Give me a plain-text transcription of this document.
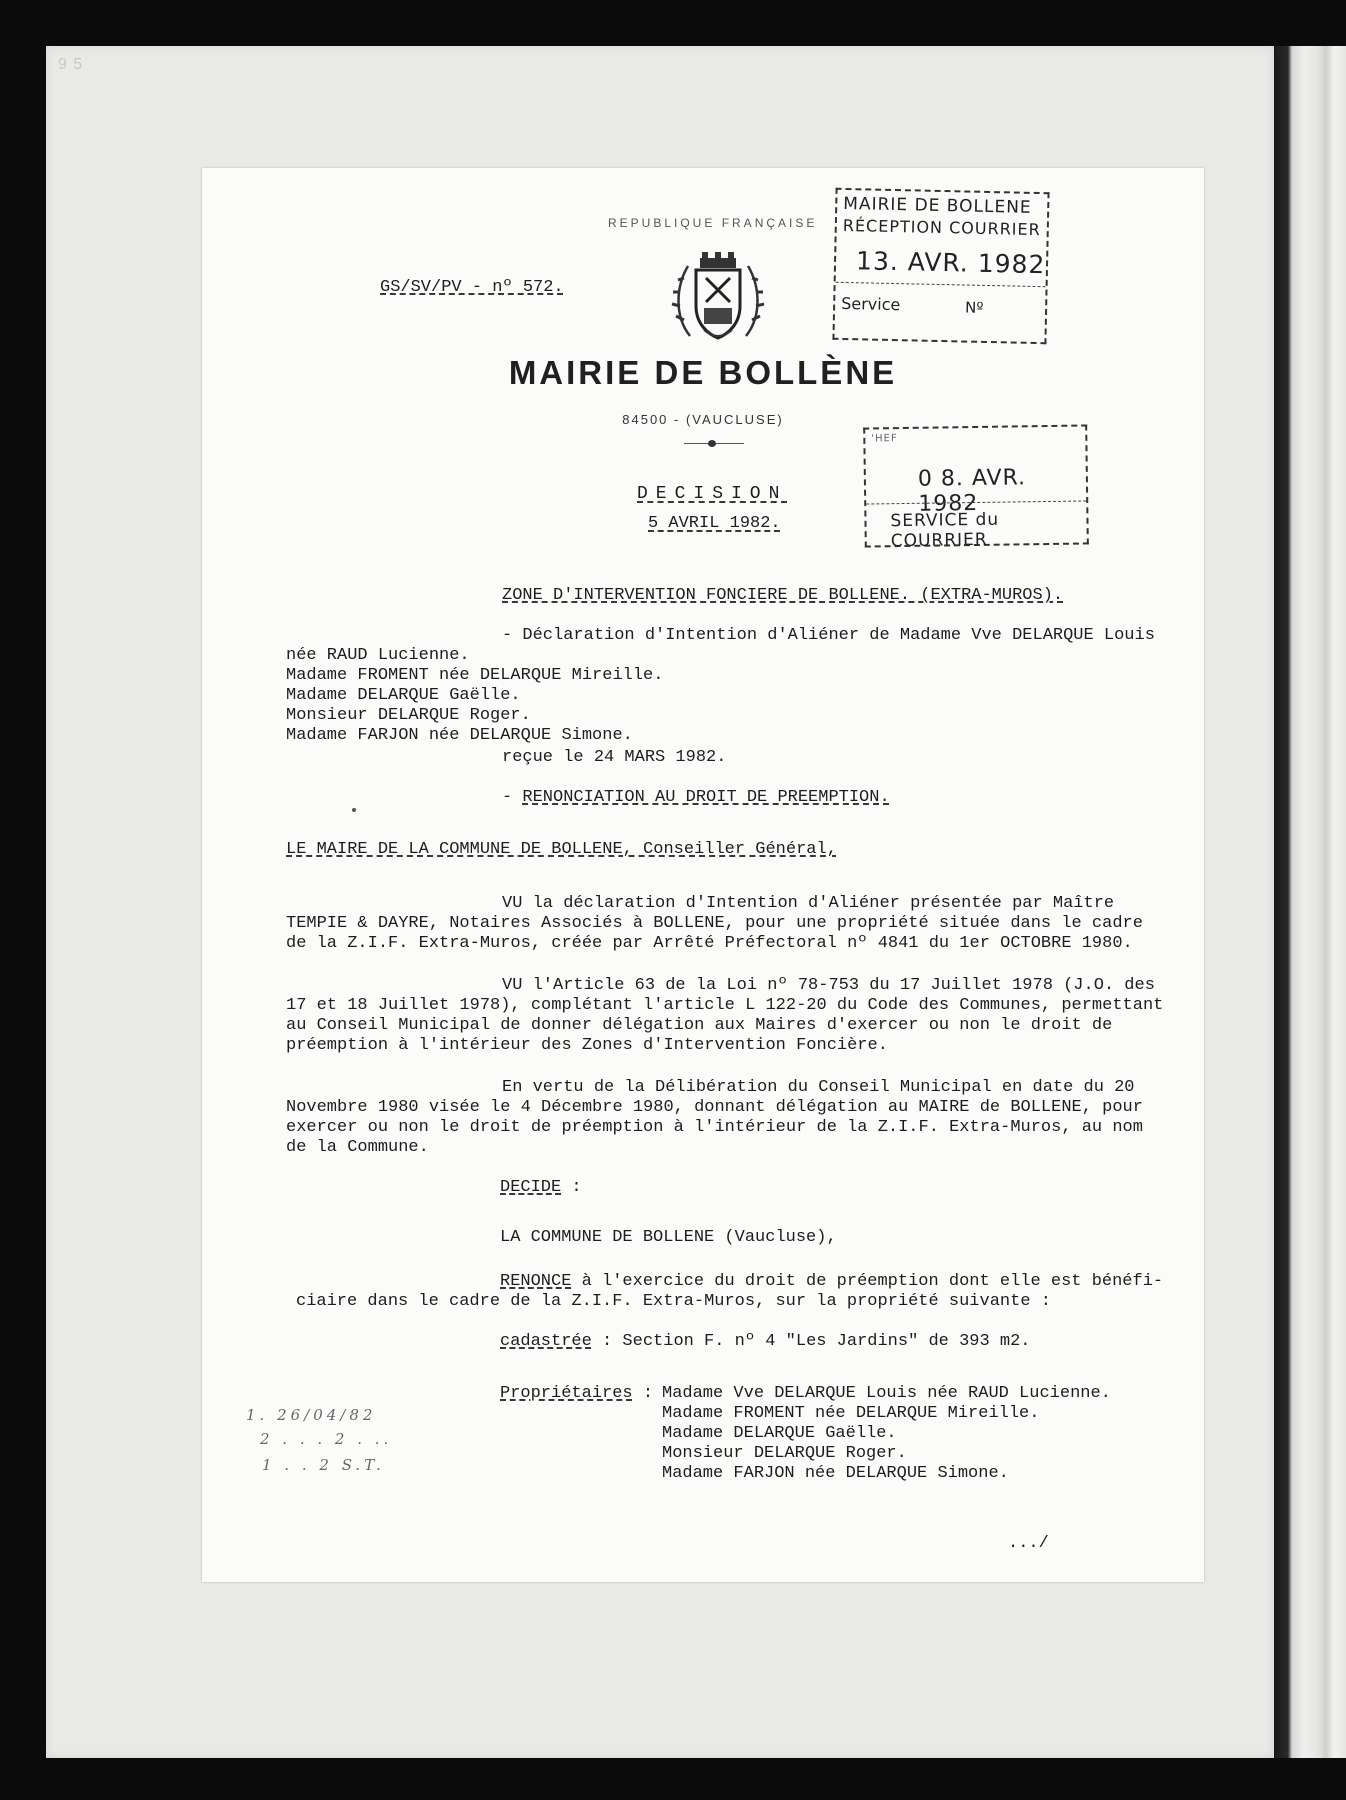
9 5
GS/SV/PV - nº 572.
REPUBLIQUE FRANÇAISE
MAIRIE DE BOLLÈNE
84500 - (VAUCLUSE)
DECISION
5 AVRIL 1982.
MAIRIE DE BOLLENE
RÉCEPTION COURRIER
13. AVR. 1982
Service	Nº
'HEF
0 8. AVR. 1982
SERVICE du COURRIER
ZONE D'INTERVENTION FONCIERE DE BOLLENE. (EXTRA-MUROS).
- Déclaration d'Intention d'Aliéner de Madame Vve DELARQUE Louis
née RAUD Lucienne.
Madame FROMENT née DELARQUE Mireille.
Madame DELARQUE Gaëlle.
Monsieur DELARQUE Roger.
Madame FARJON née DELARQUE Simone.
reçue le 24 MARS 1982.
- RENONCIATION AU DROIT DE PREEMPTION.
LE MAIRE DE LA COMMUNE DE BOLLENE, Conseiller Général,
VU la déclaration d'Intention d'Aliéner présentée par Maître
TEMPIE & DAYRE, Notaires Associés à BOLLENE, pour une propriété située dans le cadre
de la Z.I.F. Extra-Muros, créée par Arrêté Préfectoral nº 4841 du 1er OCTOBRE 1980.
VU l'Article 63 de la Loi nº 78-753 du 17 Juillet 1978 (J.O. des
17 et 18 Juillet 1978), complétant l'article L 122-20 du Code des Communes, permettant
au Conseil Municipal de donner délégation aux Maires d'exercer ou non le droit de
préemption à l'intérieur des Zones d'Intervention Foncière.
En vertu de la Délibération du Conseil Municipal en date du 20
Novembre 1980 visée le 4 Décembre 1980, donnant délégation au MAIRE de BOLLENE, pour
exercer ou non le droit de préemption à l'intérieur de la Z.I.F. Extra-Muros, au nom
de la Commune.
DECIDE :
LA COMMUNE DE BOLLENE (Vaucluse),
RENONCE à l'exercice du droit de préemption dont elle est bénéfi-
ciaire dans le cadre de la Z.I.F. Extra-Muros, sur la propriété suivante :
cadastrée : Section F. nº 4 "Les Jardins" de 393 m2.
Propriétaires : Madame Vve DELARQUE Louis née RAUD Lucienne.
Madame FROMENT née DELARQUE Mireille.
Madame DELARQUE Gaëlle.
Monsieur DELARQUE Roger.
Madame FARJON née DELARQUE Simone.
1. 26/04/82
2 . . . 2 . ..
1 . . 2 S.T.
.../
